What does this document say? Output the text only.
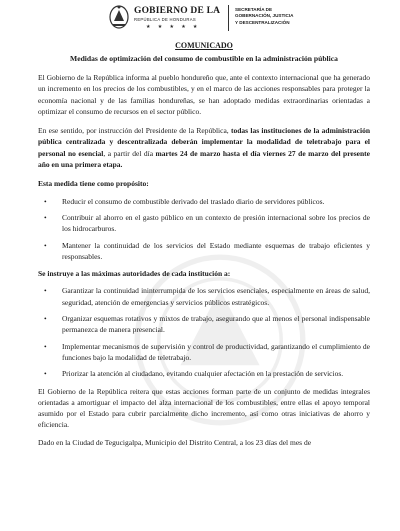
GOBIERNO DE LA
REPÚBLICA DE HONDURAS
★ ★ ★ ★ ★
SECRETARÍA DE
GOBERNACIÓN, JUSTICIA
Y DESCENTRALIZACIÓN
COMUNICADO
Medidas de optimización del consumo de combustible en la administración pública

El Gobierno de la República informa al pueblo hondureño que, ante el contexto internacional que ha generado un incremento en los precios de los combustibles, y en el marco de las acciones responsables para proteger la economía nacional y de las familias hondureñas, se han adoptado medidas extraordinarias orientadas a optimizar el consumo de recursos en el sector público.

En ese sentido, por instrucción del Presidente de la República, todas las instituciones de la administración pública centralizada y descentralizada deberán implementar la modalidad de teletrabajo para el personal no esencial, a partir del día martes 24 de marzo hasta el día viernes 27 de marzo del presente año en una primera etapa.

Esta medida tiene como propósito:

• Reducir el consumo de combustible derivado del traslado diario de servidores públicos.
• Contribuir al ahorro en el gasto público en un contexto de presión internacional sobre los precios de los hidrocarburos.
• Mantener la continuidad de los servicios del Estado mediante esquemas de trabajo eficientes y responsables.

Se instruye a las máximas autoridades de cada institución a:

• Garantizar la continuidad ininterrumpida de los servicios esenciales, especialmente en áreas de salud, seguridad, atención de emergencias y servicios públicos estratégicos.
• Organizar esquemas rotativos y mixtos de trabajo, asegurando que al menos el personal indispensable permanezca de manera presencial.
• Implementar mecanismos de supervisión y control de productividad, garantizando el cumplimiento de funciones bajo la modalidad de teletrabajo.
• Priorizar la atención al ciudadano, evitando cualquier afectación en la prestación de servicios.

El Gobierno de la República reitera que estas acciones forman parte de un conjunto de medidas integrales orientadas a amortiguar el impacto del alza internacional de los combustibles, entre ellas el apoyo temporal asumido por el Estado para cubrir parcialmente dicho incremento, así como otras iniciativas de ahorro y eficiencia.

Dado en la Ciudad de Tegucigalpa, Municipio del Distrito Central, a los 23 días del mes de
